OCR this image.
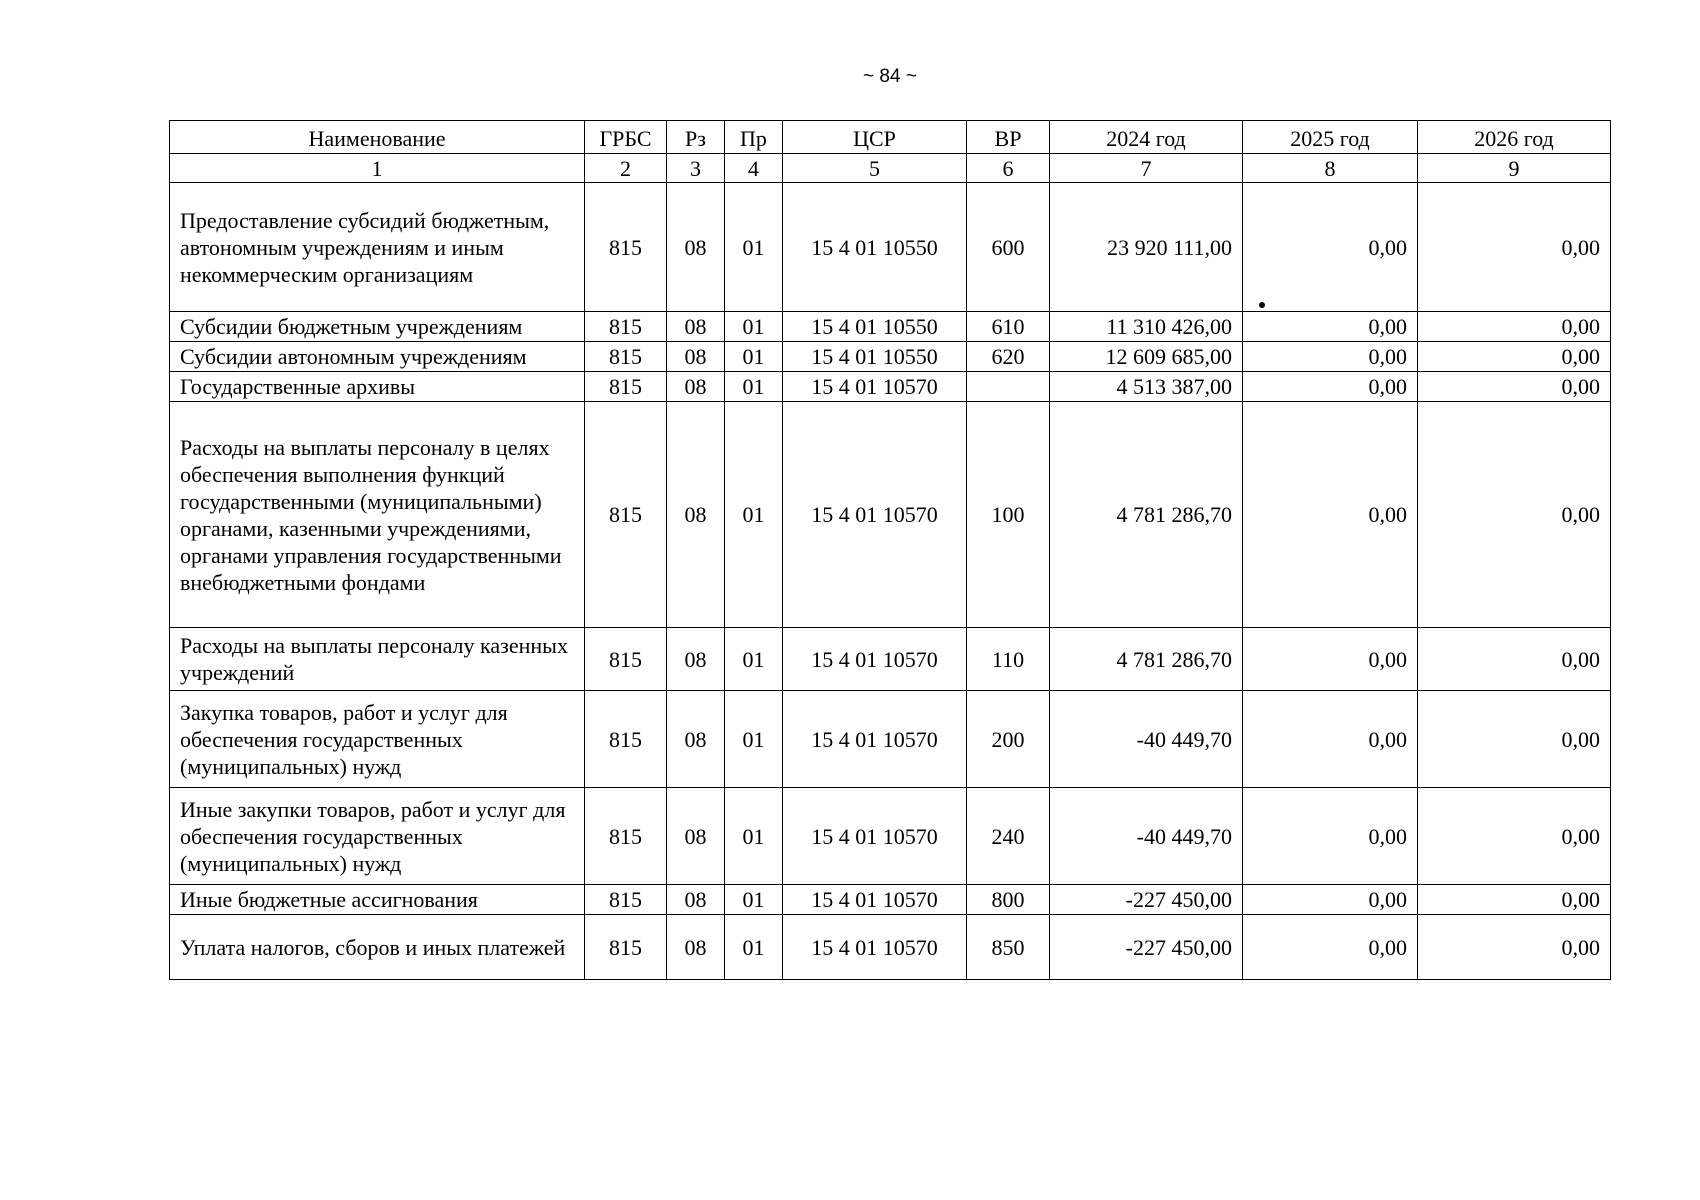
~ 84 ~
Наименование	ГРБС	Рз	Пр	ЦСР	ВР	2024 год	2025 год	2026 год
1	2	3	4	5	6	7	8	9
Предоставление субсидий бюджетным, автономным учреждениям и иным некоммерческим организациям	815	08	01	15 4 01 10550	600	23 920 111,00	0,00	0,00
Субсидии бюджетным учреждениям	815	08	01	15 4 01 10550	610	11 310 426,00	0,00	0,00
Субсидии автономным учреждениям	815	08	01	15 4 01 10550	620	12 609 685,00	0,00	0,00
Государственные архивы	815	08	01	15 4 01 10570		4 513 387,00	0,00	0,00
Расходы на выплаты персоналу в целях обеспечения выполнения функций государственными (муниципальными) органами, казенными учреждениями, органами управления государственными внебюджетными фондами	815	08	01	15 4 01 10570	100	4 781 286,70	0,00	0,00
Расходы на выплаты персоналу казенных учреждений	815	08	01	15 4 01 10570	110	4 781 286,70	0,00	0,00
Закупка товаров, работ и услуг для обеспечения государственных (муниципальных) нужд	815	08	01	15 4 01 10570	200	-40 449,70	0,00	0,00
Иные закупки товаров, работ и услуг для обеспечения государственных (муниципальных) нужд	815	08	01	15 4 01 10570	240	-40 449,70	0,00	0,00
Иные бюджетные ассигнования	815	08	01	15 4 01 10570	800	-227 450,00	0,00	0,00
Уплата налогов, сборов и иных платежей	815	08	01	15 4 01 10570	850	-227 450,00	0,00	0,00
